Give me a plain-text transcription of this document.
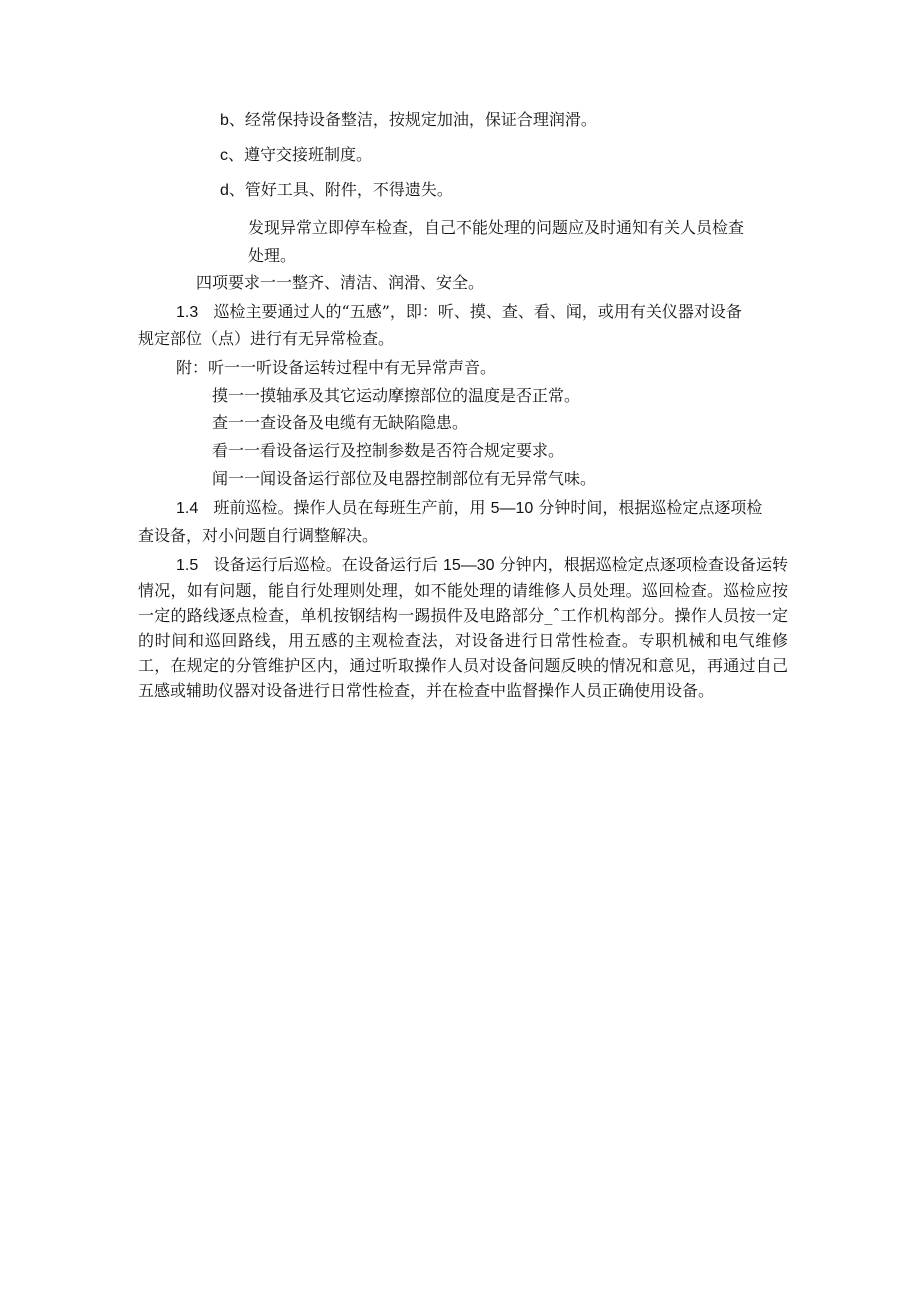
b、经常保持设备整洁，按规定加油，保证合理润滑。
c、遵守交接班制度。
d、管好工具、附件，不得遗失。
发现异常立即停车检查，自己不能处理的问题应及时通知有关人员检查
处理。
四项要求一一整齐、清洁、润滑、安全。
1.3 巡检主要通过人的“五感”，即：听、摸、查、看、闻，或用有关仪器对设备
规定部位（点）进行有无异常检查。
附：听一一听设备运转过程中有无异常声音。
摸一一摸轴承及其它运动摩擦部位的温度是否正常。
查一一查设备及电缆有无缺陷隐患。
看一一看设备运行及控制参数是否符合规定要求。
闻一一闻设备运行部位及电器控制部位有无异常气味。
1.4 班前巡检。操作人员在每班生产前，用 5—10 分钟时间，根据巡检定点逐项检
查设备，对小问题自行调整解决。
1.5 设备运行后巡检。在设备运行后 15—30 分钟内，根据巡检定点逐项检查设备运转情况，如有问题，能自行处理则处理，如不能处理的请维修人员处理。巡回检查。巡检应按一定的路线逐点检查，单机按钢结构一踢损件及电路部分_ˆ工作机构部分。操作人员按一定的时间和巡回路线，用五感的主观检查法，对设备进行日常性检查。专职机械和电气维修工，在规定的分管维护区内，通过听取操作人员对设备问题反映的情况和意见，再通过自己五感或辅助仪器对设备进行日常性检查，并在检查中监督操作人员正确使用设备。
